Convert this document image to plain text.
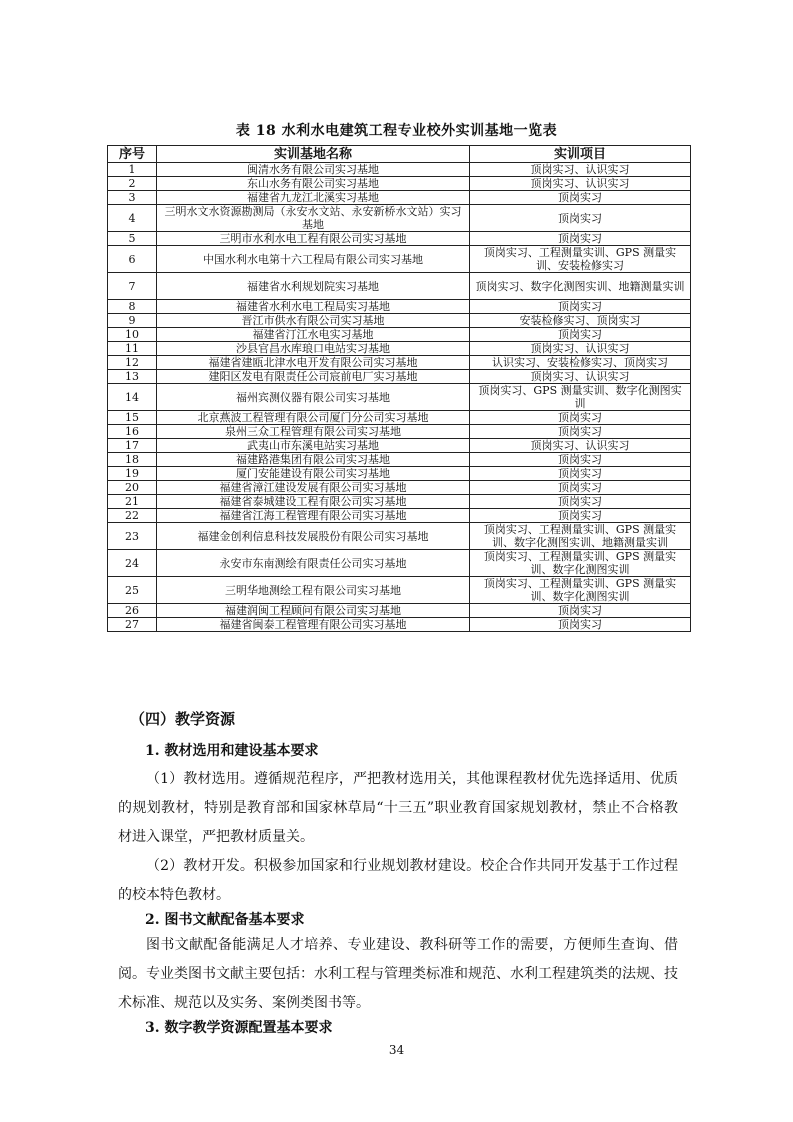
表 18 水利水电建筑工程专业校外实训基地一览表
序号	实训基地名称	实训项目
1	闽清水务有限公司实习基地	顶岗实习、认识实习
2	东山水务有限公司实习基地	顶岗实习、认识实习
3	福建省九龙江北溪实习基地	顶岗实习
4	三明水文水资源勘测局（永安水文站、永安新桥水文站）实习基地	顶岗实习
5	三明市水利水电工程有限公司实习基地	顶岗实习
6	中国水利水电第十六工程局有限公司实习基地	顶岗实习、工程测量实训、GPS 测量实训、安装检修实习
7	福建省水利规划院实习基地	顶岗实习、数字化测图实训、地籍测量实训
8	福建省水利水电工程局实习基地	顶岗实习
9	晋江市供水有限公司实习基地	安装检修实习、顶岗实习
10	福建省汀江水电实习基地	顶岗实习
11	沙县官昌水库琅口电站实习基地	顶岗实习、认识实习
12	福建省建瓯北津水电开发有限公司实习基地	认识实习、安装检修实习、顶岗实习
13	建阳区发电有限责任公司宸前电厂实习基地	顶岗实习、认识实习
14	福州宾测仪器有限公司实习基地	顶岗实习、GPS 测量实训、数字化测图实训
15	北京燕波工程管理有限公司厦门分公司实习基地	顶岗实习
16	泉州三众工程管理有限公司实习基地	顶岗实习
17	武夷山市东溪电站实习基地	顶岗实习、认识实习
18	福建路港集团有限公司实习基地	顶岗实习
19	厦门安能建设有限公司实习基地	顶岗实习
20	福建省漳江建设发展有限公司实习基地	顶岗实习
21	福建省泰城建设工程有限公司实习基地	顶岗实习
22	福建省江海工程管理有限公司实习基地	顶岗实习
23	福建金创利信息科技发展股份有限公司实习基地	顶岗实习、工程测量实训、GPS 测量实训、数字化测图实训、地籍测量实训
24	永安市东南测绘有限责任公司实习基地	顶岗实习、工程测量实训、GPS 测量实训、数字化测图实训
25	三明华地测绘工程有限公司实习基地	顶岗实习、工程测量实训、GPS 测量实训、数字化测图实训
26	福建润闽工程顾问有限公司实习基地	顶岗实习
27	福建省闽泰工程管理有限公司实习基地	顶岗实习
（四）教学资源
1. 教材选用和建设基本要求
（1）教材选用。遵循规范程序，严把教材选用关，其他课程教材优先选择适用、优质的规划教材，特别是教育部和国家林草局“十三五”职业教育国家规划教材，禁止不合格教材进入课堂，严把教材质量关。
（2）教材开发。积极参加国家和行业规划教材建设。校企合作共同开发基于工作过程的校本特色教材。
2. 图书文献配备基本要求
图书文献配备能满足人才培养、专业建设、教科研等工作的需要，方便师生查询、借阅。专业类图书文献主要包括：水利工程与管理类标准和规范、水利工程建筑类的法规、技术标准、规范以及实务、案例类图书等。
3. 数字教学资源配置基本要求
34
